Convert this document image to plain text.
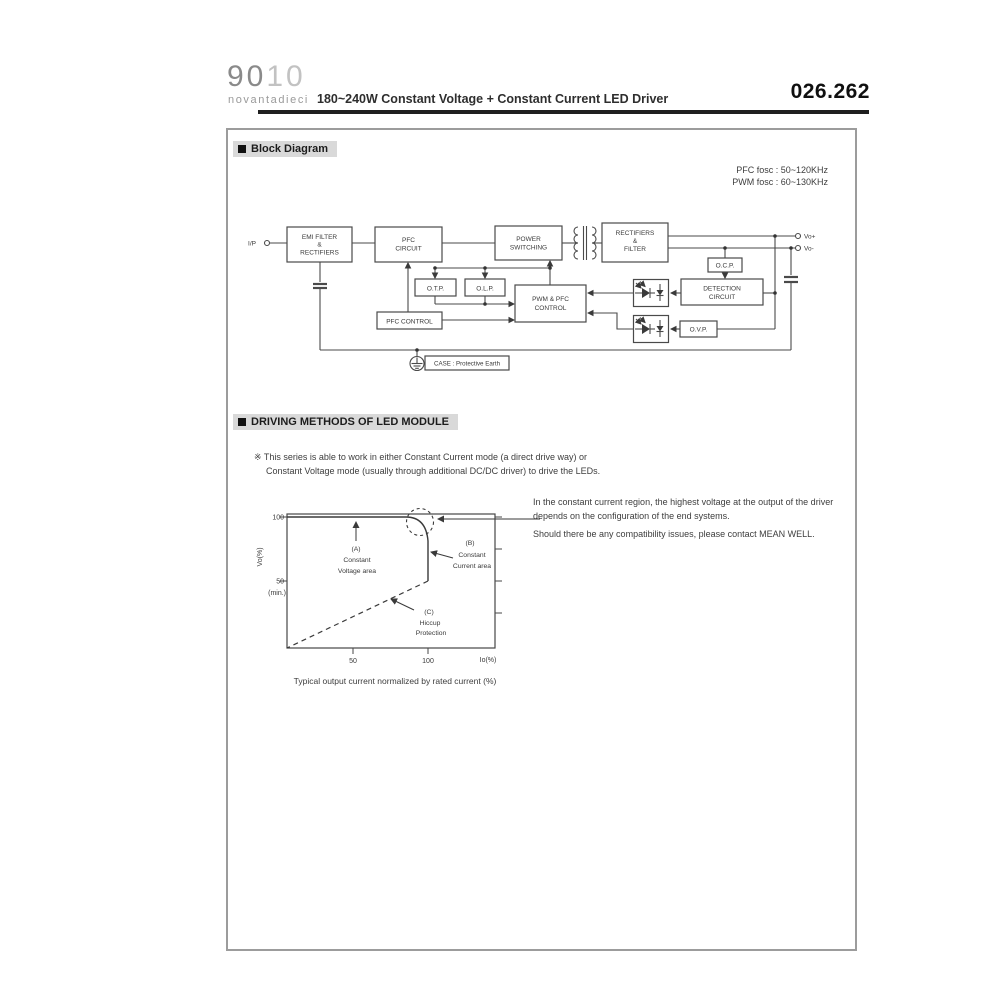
9010
novantadieci 180~240W Constant Voltage + Constant Current LED Driver	026.262
Block Diagram
PFC fosc : 50~120KHz
PWM fosc : 60~130KHz
I/P
EMI FILTER
&
RECTIFIERS
PFC
CIRCUIT
POWER
SWITCHING
RECTIFIERS
&
FILTER
O.T.P.	O.L.P.
PWM & PFC
CONTROL
PFC CONTROL
O.C.P.
DETECTION
CIRCUIT
O.V.P.
Vo+
Vo-
CASE : Protective Earth
DRIVING METHODS OF LED MODULE
※ This series is able to work in either Constant Current mode (a direct drive way) or
Constant Voltage mode (usually through additional DC/DC driver) to drive the LEDs.
100
50
(min.)
Vo(%)
50	100	Io(%)
(A)
Constant
Voltage area
(B)
Constant
Current area
(C)
Hiccup
Protection
In the constant current region, the highest voltage at the output of the driver
depends on the configuration of the end systems.
Should there be any compatibility issues, please contact MEAN WELL.
Typical output current normalized by rated current (%)
